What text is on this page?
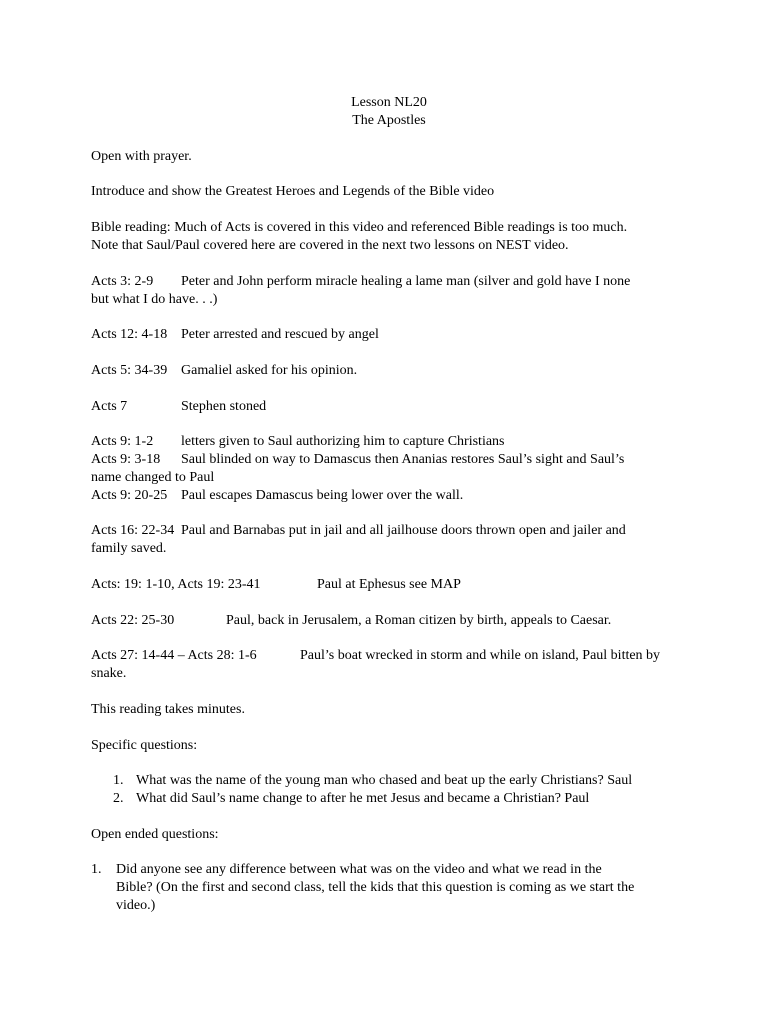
Lesson NL20
The Apostles
Open with prayer.
Introduce and show the Greatest Heroes and Legends of the Bible video
Bible reading: Much of Acts is covered in this video and referenced Bible readings is too much.
Note that Saul/Paul covered here are covered in the next two lessons on NEST video.
Acts 3: 2-9 Peter and John perform miracle healing a lame man (silver and gold have I none
but what I do have. . .)
Acts 12: 4-18 Peter arrested and rescued by angel
Acts 5: 34-39 Gamaliel asked for his opinion.
Acts 7	Stephen stoned
Acts 9: 1-2 letters given to Saul authorizing him to capture Christians
Acts 9: 3-18 Saul blinded on way to Damascus then Ananias restores Saul’s sight and Saul’s
name changed to Paul
Acts 9: 20-25 Paul escapes Damascus being lower over the wall.
Acts 16: 22-34 Paul and Barnabas put in jail and all jailhouse doors thrown open and jailer and
family saved.
Acts: 19: 1-10, Acts 19: 23-41	Paul at Ephesus see MAP
Acts 22: 25-30	Paul, back in Jerusalem, a Roman citizen by birth, appeals to Caesar.
Acts 27: 14-44 – Acts 28: 1-6	Paul’s boat wrecked in storm and while on island, Paul bitten by
snake.
This reading takes minutes.
Specific questions:
1. What was the name of the young man who chased and beat up the early Christians? Saul
2. What did Saul’s name change to after he met Jesus and became a Christian? Paul
Open ended questions:
1. Did anyone see any difference between what was on the video and what we read in the
Bible? (On the first and second class, tell the kids that this question is coming as we start the
video.)
